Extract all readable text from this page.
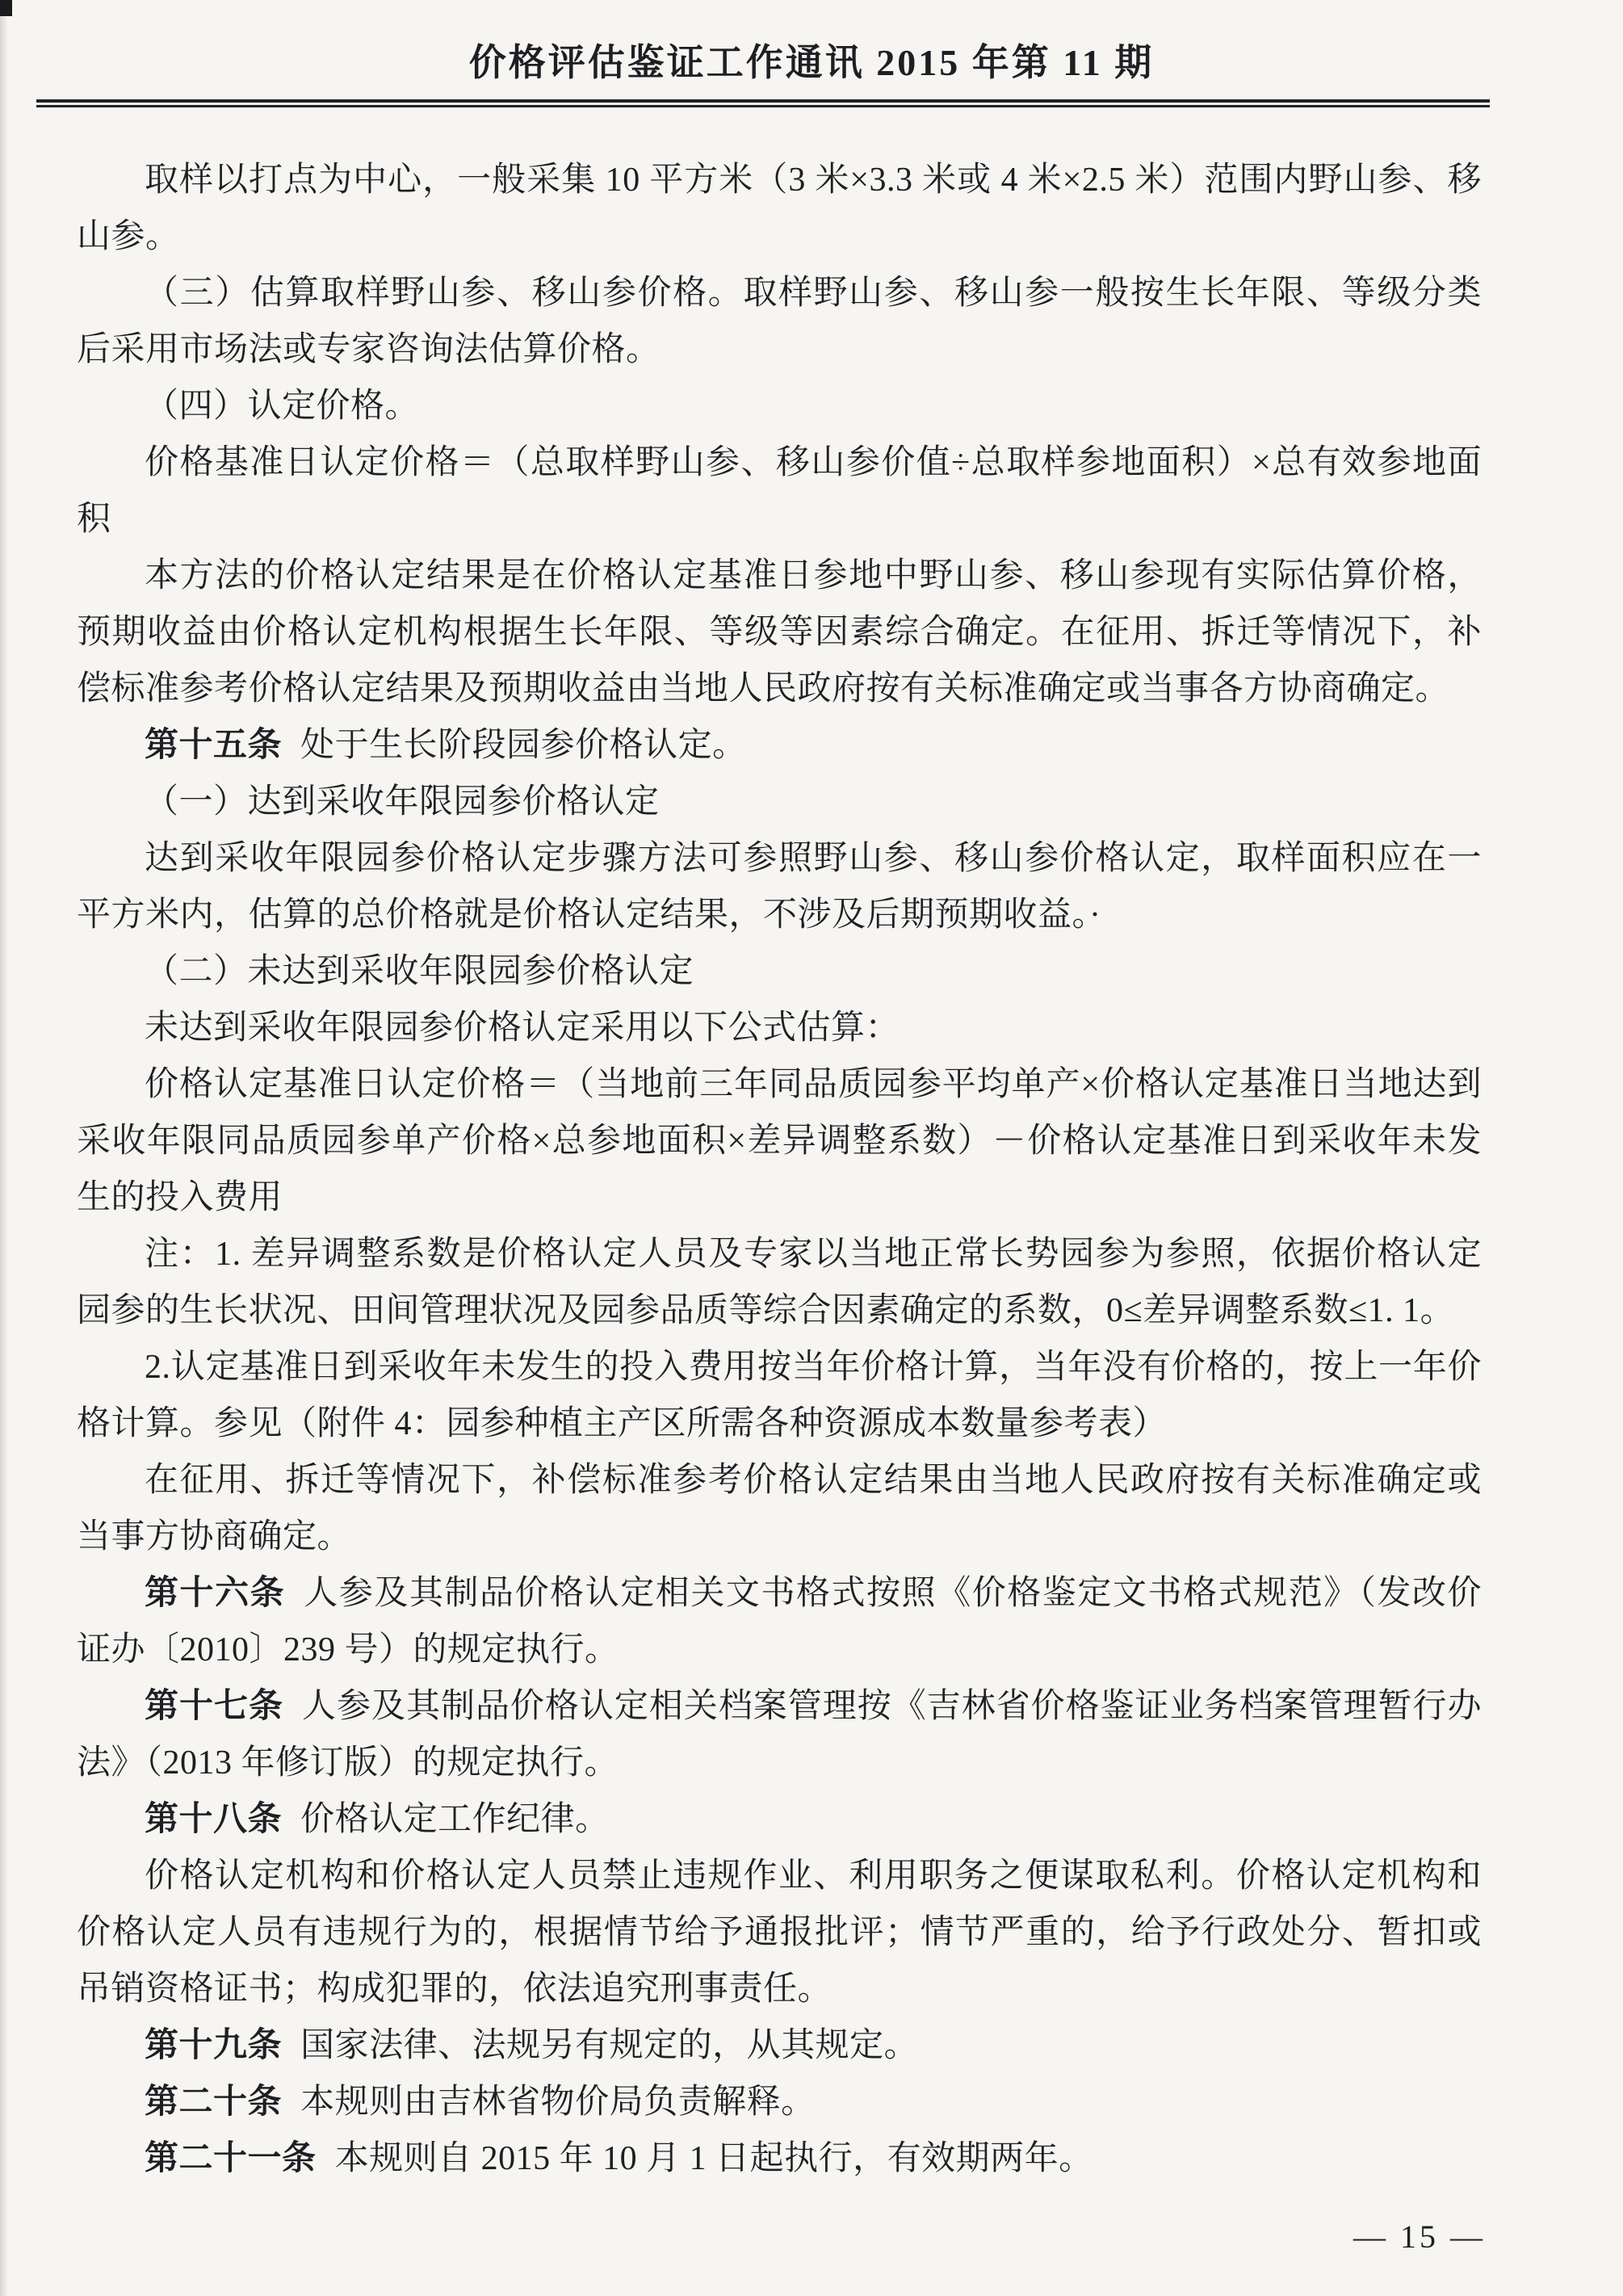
价格评估鉴证工作通讯 2015 年第 11 期

取样以打点为中心，一般采集 10 平方米（3 米×3.3 米或 4 米×2.5 米）范围内野山参、移山参。

（三）估算取样野山参、移山参价格。取样野山参、移山参一般按生长年限、等级分类后采用市场法或专家咨询法估算价格。

（四）认定价格。

价格基准日认定价格＝（总取样野山参、移山参价值÷总取样参地面积）×总有效参地面积

本方法的价格认定结果是在价格认定基准日参地中野山参、移山参现有实际估算价格，预期收益由价格认定机构根据生长年限、等级等因素综合确定。在征用、拆迁等情况下，补偿标准参考价格认定结果及预期收益由当地人民政府按有关标准确定或当事各方协商确定。

第十五条 处于生长阶段园参价格认定。

（一）达到采收年限园参价格认定

达到采收年限园参价格认定步骤方法可参照野山参、移山参价格认定，取样面积应在一平方米内，估算的总价格就是价格认定结果，不涉及后期预期收益。·

（二）未达到采收年限园参价格认定

未达到采收年限园参价格认定采用以下公式估算：

价格认定基准日认定价格＝（当地前三年同品质园参平均单产×价格认定基准日当地达到采收年限同品质园参单产价格×总参地面积×差异调整系数）－价格认定基准日到采收年未发生的投入费用

注：1. 差异调整系数是价格认定人员及专家以当地正常长势园参为参照，依据价格认定园参的生长状况、田间管理状况及园参品质等综合因素确定的系数，0≤差异调整系数≤1. 1。

2.认定基准日到采收年未发生的投入费用按当年价格计算，当年没有价格的，按上一年价格计算。参见（附件 4：园参种植主产区所需各种资源成本数量参考表）

在征用、拆迁等情况下，补偿标准参考价格认定结果由当地人民政府按有关标准确定或当事方协商确定。

第十六条 人参及其制品价格认定相关文书格式按照《价格鉴定文书格式规范》（发改价证办〔2010〕239 号）的规定执行。

第十七条 人参及其制品价格认定相关档案管理按《吉林省价格鉴证业务档案管理暂行办法》（2013 年修订版）的规定执行。

第十八条 价格认定工作纪律。

价格认定机构和价格认定人员禁止违规作业、利用职务之便谋取私利。价格认定机构和价格认定人员有违规行为的，根据情节给予通报批评；情节严重的，给予行政处分、暂扣或吊销资格证书；构成犯罪的，依法追究刑事责任。

第十九条 国家法律、法规另有规定的，从其规定。

第二十条 本规则由吉林省物价局负责解释。

第二十一条 本规则自 2015 年 10 月 1 日起执行，有效期两年。

— 15 —
